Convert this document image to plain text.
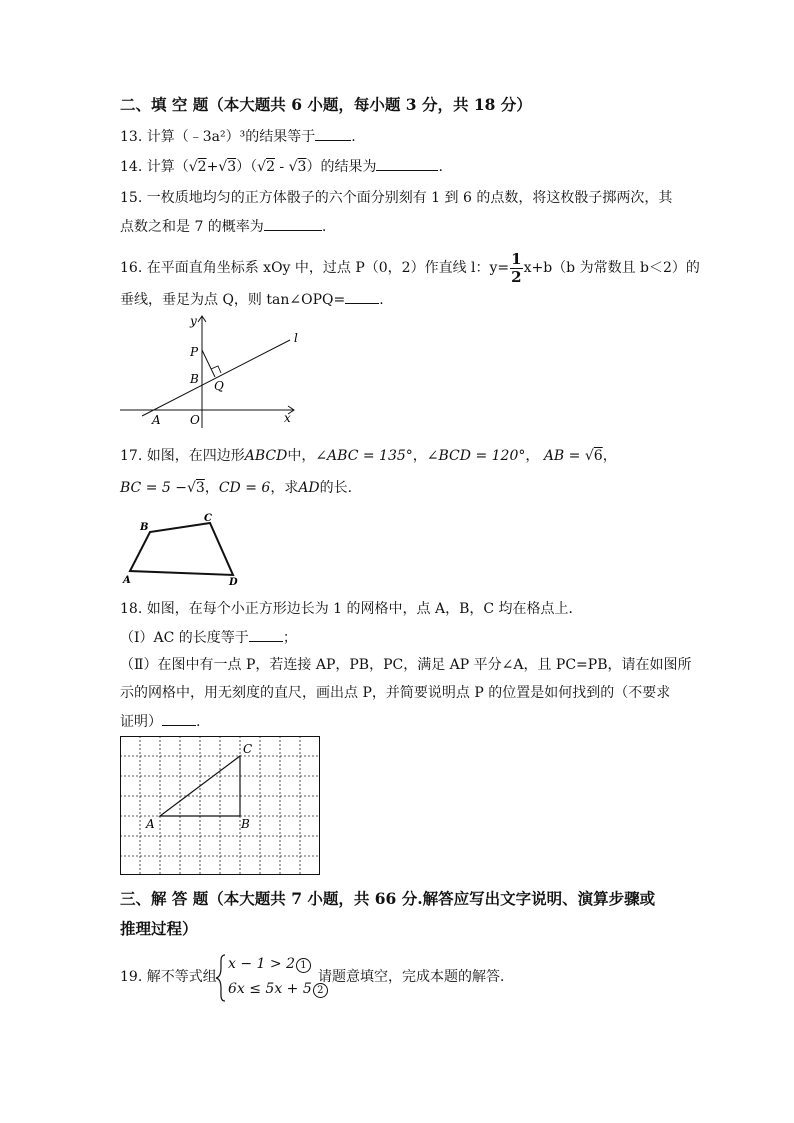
二、填 空 题（本大题共 6 小题，每小题 3 分，共 18 分）
13. 计算（﹣3a²）³的结果等于	.
14. 计算（√2+√3）（√2 - √3）的结果为	.
15. 一枚质地均匀的正方体骰子的六个面分别刻有 1 到 6 的点数，将这枚骰子掷两次，其
点数之和是 7 的概率为	.
16. 在平面直角坐标系 xOy 中，过点 P（0，2）作直线 l：$y= \frac{1}{2} x+b(b$ 为常数且 b＜2）的
垂线，垂足为点 Q，则 tan∠OPQ= .
y
x
l
P
B Q
A O
17. 如图，在四边形ABCD中，∠ABC = 135°，∠BCD = 120°， AB = √6，
BC = 5 −√3，CD = 6，求AD的长.
B
C
A	D
18. 如图，在每个小正方形边长为 1 的网格中，点 A，B，C 均在格点上．
（Ⅰ）AC 的长度等于 ；
（Ⅱ）在图中有一点 P，若连接 AP，PB，PC，满足 AP 平分∠A，且 PC=PB，请在如图所
示的网格中，用无刻度的直尺，画出点 P，并简要说明点 P 的位置是如何找到的（不要求
证明） .
A	B
C
三、解 答 题（本大题共 7 小题，共 66 分.解答应写出文字说明、演算步骤或
推理过程）
19. 解不等式组
x − 1 > 2 1
6x ≤ 5x + 5 2
请题意填空，完成本题的解答．
